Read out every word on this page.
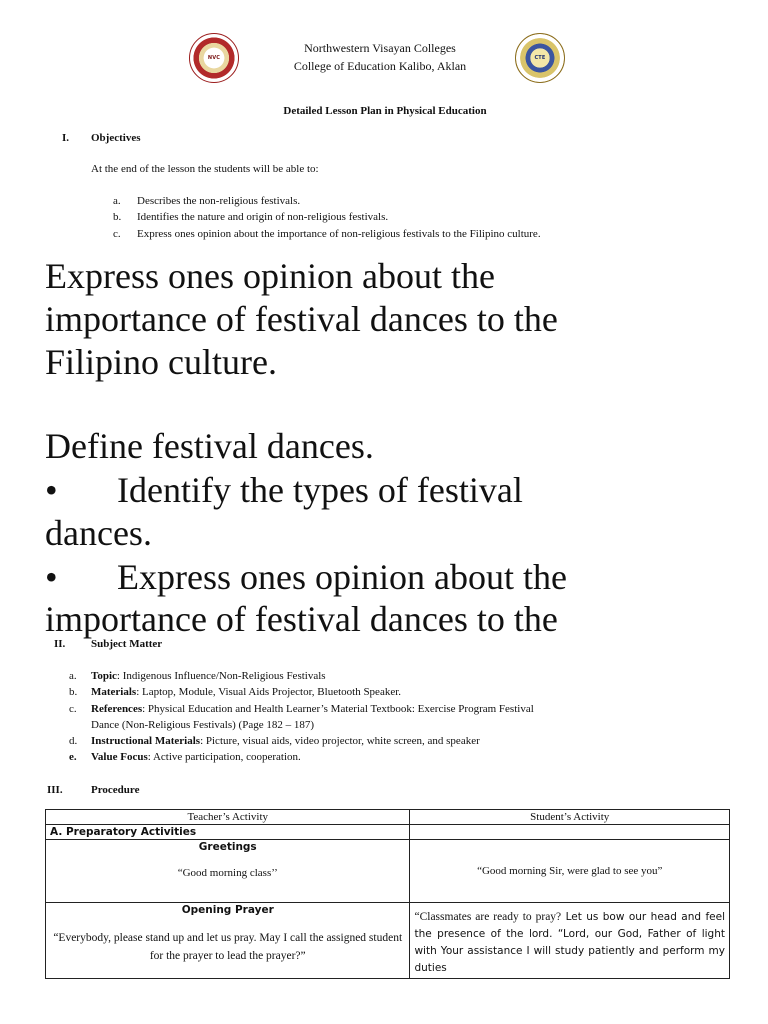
NVC	CTE
Northwestern Visayan Colleges
College of Education Kalibo, Aklan
Detailed Lesson Plan in Physical Education
I. Objectives
At the end of the lesson the students will be able to:
a. Describes the non-religious festivals.
b. Identifies the nature and origin of non-religious festivals.
c. Express ones opinion about the importance of non-religious festivals to the Filipino culture.
Express ones opinion about the
importance of festival dances to the
Filipino culture.
Define festival dances.
• Identify the types of festival
dances.
• Express ones opinion about the
importance of festival dances to the
II. Subject Matter
a. Topic: Indigenous Influence/Non-Religious Festivals
b. Materials: Laptop, Module, Visual Aids Projector, Bluetooth Speaker.
c. References: Physical Education and Health Learner’s Material Textbook: Exercise Program Festival
Dance (Non-Religious Festivals) (Page 182 – 187)
d. Instructional Materials: Picture, visual aids, video projector, white screen, and speaker
e. Value Focus: Active participation, cooperation.
III.	Procedure
Teacher’s Activity	Student’s Activity
A. Preparatory Activities	

Greetings
“Good morning class’’	“Good morning Sir, were glad to see you”

Opening Prayer
“Everybody, please stand up and let us pray. May I call the assigned student for the prayer to lead the prayer?”	“Classmates are ready to pray? Let us bow our head and feel the presence of the lord. “Lord, our God, Father of light with Your assistance I will study patiently and perform my duties
